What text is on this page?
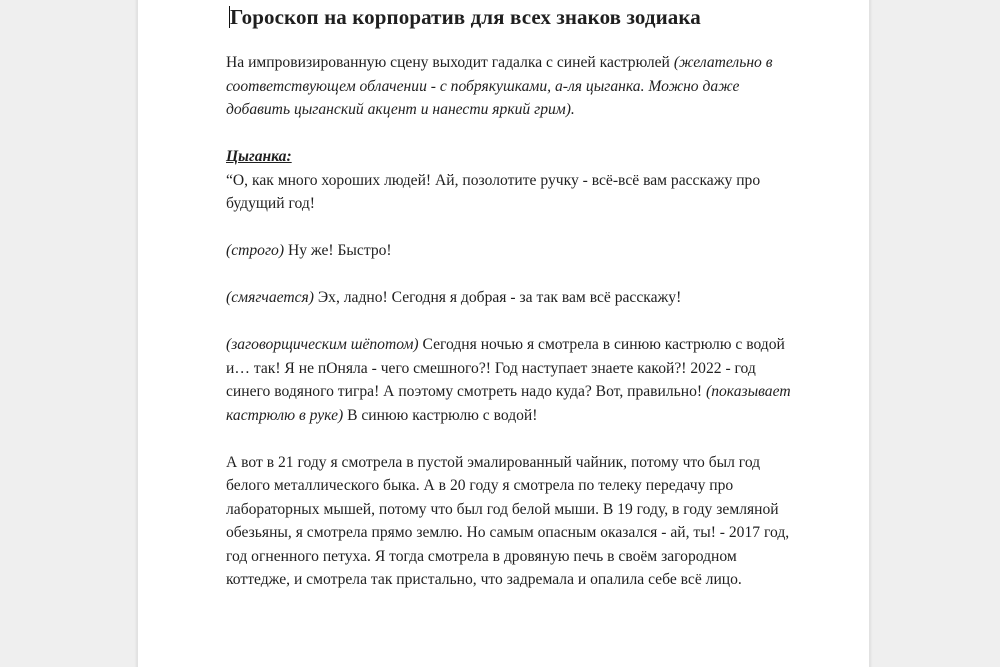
Гороскоп на корпоратив для всех знаков зодиака

На импровизированную сцену выходит гадалка с синей кастрюлей (желательно в соответствующем облачении - с побрякушками, а-ля цыганка. Можно даже добавить цыганский акцент и нанести яркий грим).

Цыганка:

“О, как много хороших людей! Ай, позолотите ручку - всё-всё вам расскажу про будущий год!

(строго) Ну же! Быстро!

(смягчается) Эх, ладно! Сегодня я добрая - за так вам всё расскажу!

(заговорщическим шёпотом) Сегодня ночью я смотрела в синюю кастрюлю с водой и… так! Я не пОняла - чего смешного?! Год наступает знаете какой?! 2022 - год синего водяного тигра! А поэтому смотреть надо куда? Вот, правильно! (показывает кастрюлю в руке) В синюю кастрюлю с водой!

А вот в 21 году я смотрела в пустой эмалированный чайник, потому что был год белого металлического быка. А в 20 году я смотрела по телеку передачу про лабораторных мышей, потому что был год белой мыши. В 19 году, в году земляной обезьяны, я смотрела прямо землю. Но самым опасным оказался - ай, ты! - 2017 год, год огненного петуха. Я тогда смотрела в дровяную печь в своём загородном коттедже, и смотрела так пристально, что задремала и опалила себе всё лицо.
